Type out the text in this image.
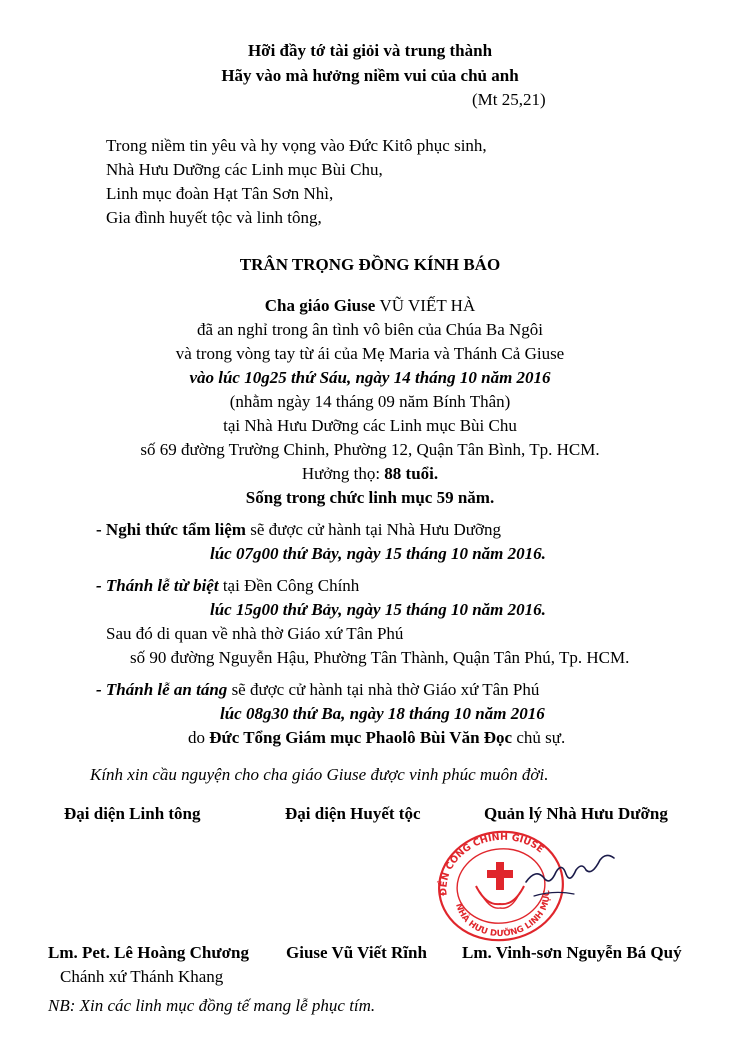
Hỡi đầy tớ tài giỏi và trung thành
Hãy vào mà hưởng niềm vui của chủ anh
(Mt 25,21)
Trong niềm tin yêu và hy vọng vào Đức Kitô phục sinh,
Nhà Hưu Dưỡng các Linh mục Bùi Chu,
Linh mục đoàn Hạt Tân Sơn Nhì,
Gia đình huyết tộc và linh tông,
TRÂN TRỌNG ĐỒNG KÍNH BÁO
Cha giáo Giuse VŨ VIẾT HÀ
đã an nghỉ trong ân tình vô biên của Chúa Ba Ngôi
và trong vòng tay từ ái của Mẹ Maria và Thánh Cả Giuse
vào lúc 10g25 thứ Sáu, ngày 14 tháng 10 năm 2016
(nhằm ngày 14 tháng 09 năm Bính Thân)
tại Nhà Hưu Dưỡng các Linh mục Bùi Chu
số 69 đường Trường Chinh, Phường 12, Quận Tân Bình, Tp. HCM.
Hưởng thọ: 88 tuổi.
Sống trong chức linh mục 59 năm.
- Nghi thức tẩm liệm sẽ được cử hành tại Nhà Hưu Dưỡng
lúc 07g00 thứ Bảy, ngày 15 tháng 10 năm 2016.
- Thánh lễ từ biệt tại Đền Công Chính
lúc 15g00 thứ Bảy, ngày 15 tháng 10 năm 2016.
Sau đó di quan về nhà thờ Giáo xứ Tân Phú
số 90 đường Nguyễn Hậu, Phường Tân Thành, Quận Tân Phú, Tp. HCM.
- Thánh lễ an táng sẽ được cử hành tại nhà thờ Giáo xứ Tân Phú
lúc 08g30 thứ Ba, ngày 18 tháng 10 năm 2016
do Đức Tổng Giám mục Phaolô Bùi Văn Đọc chủ sự.
Kính xin cầu nguyện cho cha giáo Giuse được vinh phúc muôn đời.
Đại diện Linh tông	Đại diện Huyết tộc	Quản lý Nhà Hưu Dưỡng
ĐỀN CÔNG CHÍNH GIUSE
NHÀ HƯU DƯỠNG LINH MỤC
Lm. Pet. Lê Hoàng Chương
Chánh xứ Thánh Khang
Giuse Vũ Viết Rĩnh Lm. Vinh-sơn Nguyễn Bá Quý
NB: Xin các linh mục đồng tế mang lễ phục tím.
